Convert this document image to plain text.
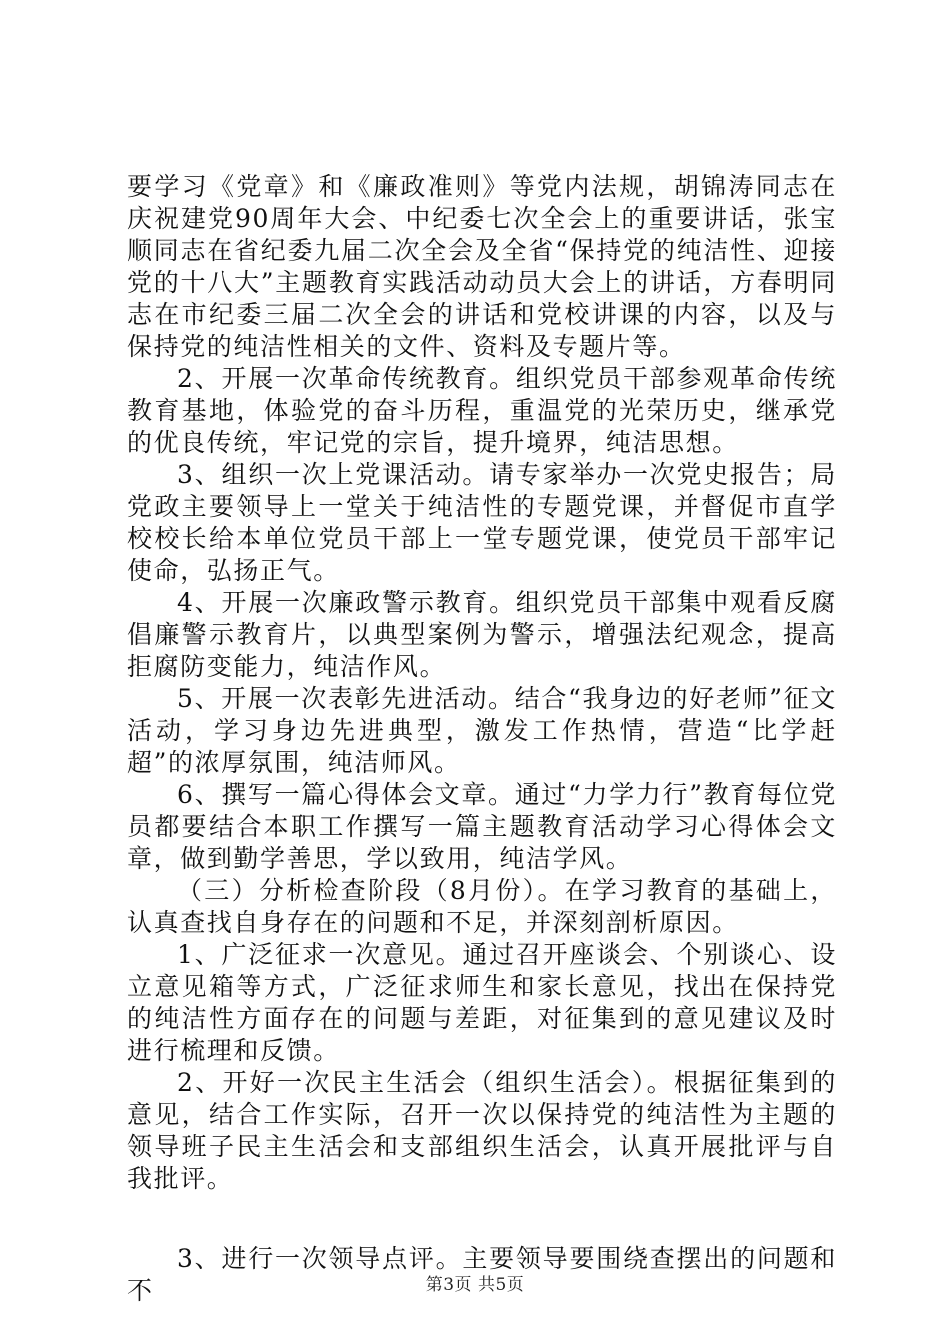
要学习《党章》和《廉政准则》等党内法规，胡锦涛同志在庆祝建党90周年大会、中纪委七次全会上的重要讲话，张宝顺同志在省纪委九届二次全会及全省“保持党的纯洁性、迎接党的十八大”主题教育实践活动动员大会上的讲话，方春明同志在市纪委三届二次全会的讲话和党校讲课的内容，以及与保持党的纯洁性相关的文件、资料及专题片等。

2、开展一次革命传统教育。组织党员干部参观革命传统教育基地，体验党的奋斗历程，重温党的光荣历史，继承党的优良传统，牢记党的宗旨，提升境界，纯洁思想。

3、组织一次上党课活动。请专家举办一次党史报告；局党政主要领导上一堂关于纯洁性的专题党课，并督促市直学校校长给本单位党员干部上一堂专题党课，使党员干部牢记使命，弘扬正气。

4、开展一次廉政警示教育。组织党员干部集中观看反腐倡廉警示教育片，以典型案例为警示，增强法纪观念，提高拒腐防变能力，纯洁作风。

5、开展一次表彰先进活动。结合“我身边的好老师”征文活动，学习身边先进典型，激发工作热情，营造“比学赶超”的浓厚氛围，纯洁师风。

6、撰写一篇心得体会文章。通过“力学力行”教育每位党员都要结合本职工作撰写一篇主题教育活动学习心得体会文章，做到勤学善思，学以致用，纯洁学风。

（三）分析检查阶段（8月份）。在学习教育的基础上，认真查找自身存在的问题和不足，并深刻剖析原因。

1、广泛征求一次意见。通过召开座谈会、个别谈心、设立意见箱等方式，广泛征求师生和家长意见，找出在保持党的纯洁性方面存在的问题与差距，对征集到的意见建议及时进行梳理和反馈。

2、开好一次民主生活会（组织生活会）。根据征集到的意见，结合工作实际，召开一次以保持党的纯洁性为主题的领导班子民主生活会和支部组织生活会，认真开展批评与自我批评。

3、进行一次领导点评。主要领导要围绕查摆出的问题和不	第3页 共5页
